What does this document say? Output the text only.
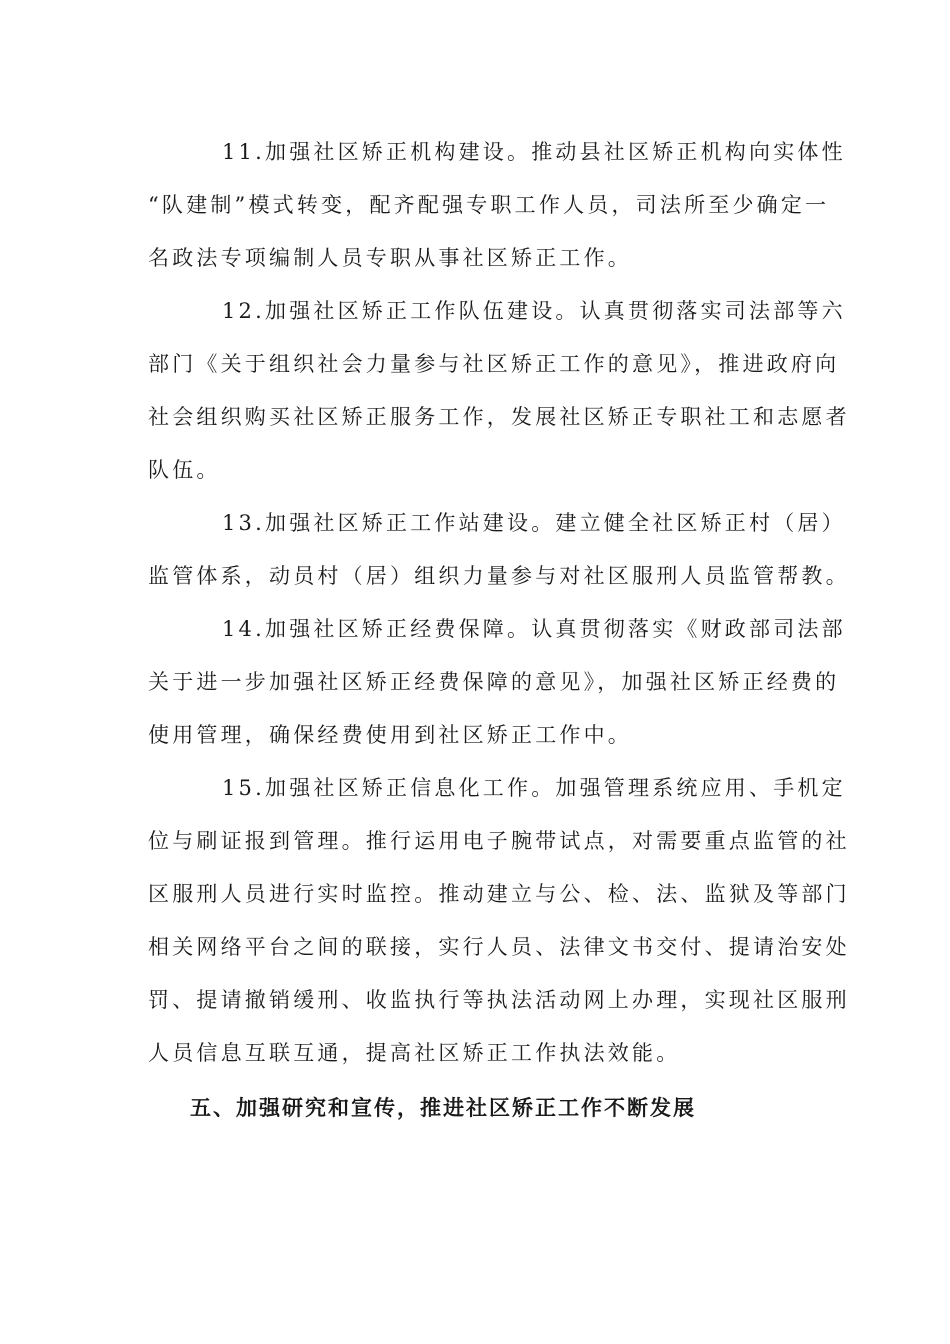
11.加强社区矫正机构建设。推动县社区矫正机构向实体性

“队建制”模式转变，配齐配强专职工作人员，司法所至少确定一

名政法专项编制人员专职从事社区矫正工作。

12.加强社区矫正工作队伍建设。认真贯彻落实司法部等六

部门《关于组织社会力量参与社区矫正工作的意见》，推进政府向

社会组织购买社区矫正服务工作，发展社区矫正专职社工和志愿者

队伍。

13.加强社区矫正工作站建设。建立健全社区矫正村（居）

监管体系，动员村（居）组织力量参与对社区服刑人员监管帮教。

14.加强社区矫正经费保障。认真贯彻落实《财政部司法部

关于进一步加强社区矫正经费保障的意见》，加强社区矫正经费的

使用管理，确保经费使用到社区矫正工作中。

15.加强社区矫正信息化工作。加强管理系统应用、手机定

位与刷证报到管理。推行运用电子腕带试点，对需要重点监管的社

区服刑人员进行实时监控。推动建立与公、检、法、监狱及等部门

相关网络平台之间的联接，实行人员、法律文书交付、提请治安处

罚、提请撤销缓刑、收监执行等执法活动网上办理，实现社区服刑

人员信息互联互通，提高社区矫正工作执法效能。

五、加强研究和宣传，推进社区矫正工作不断发展
